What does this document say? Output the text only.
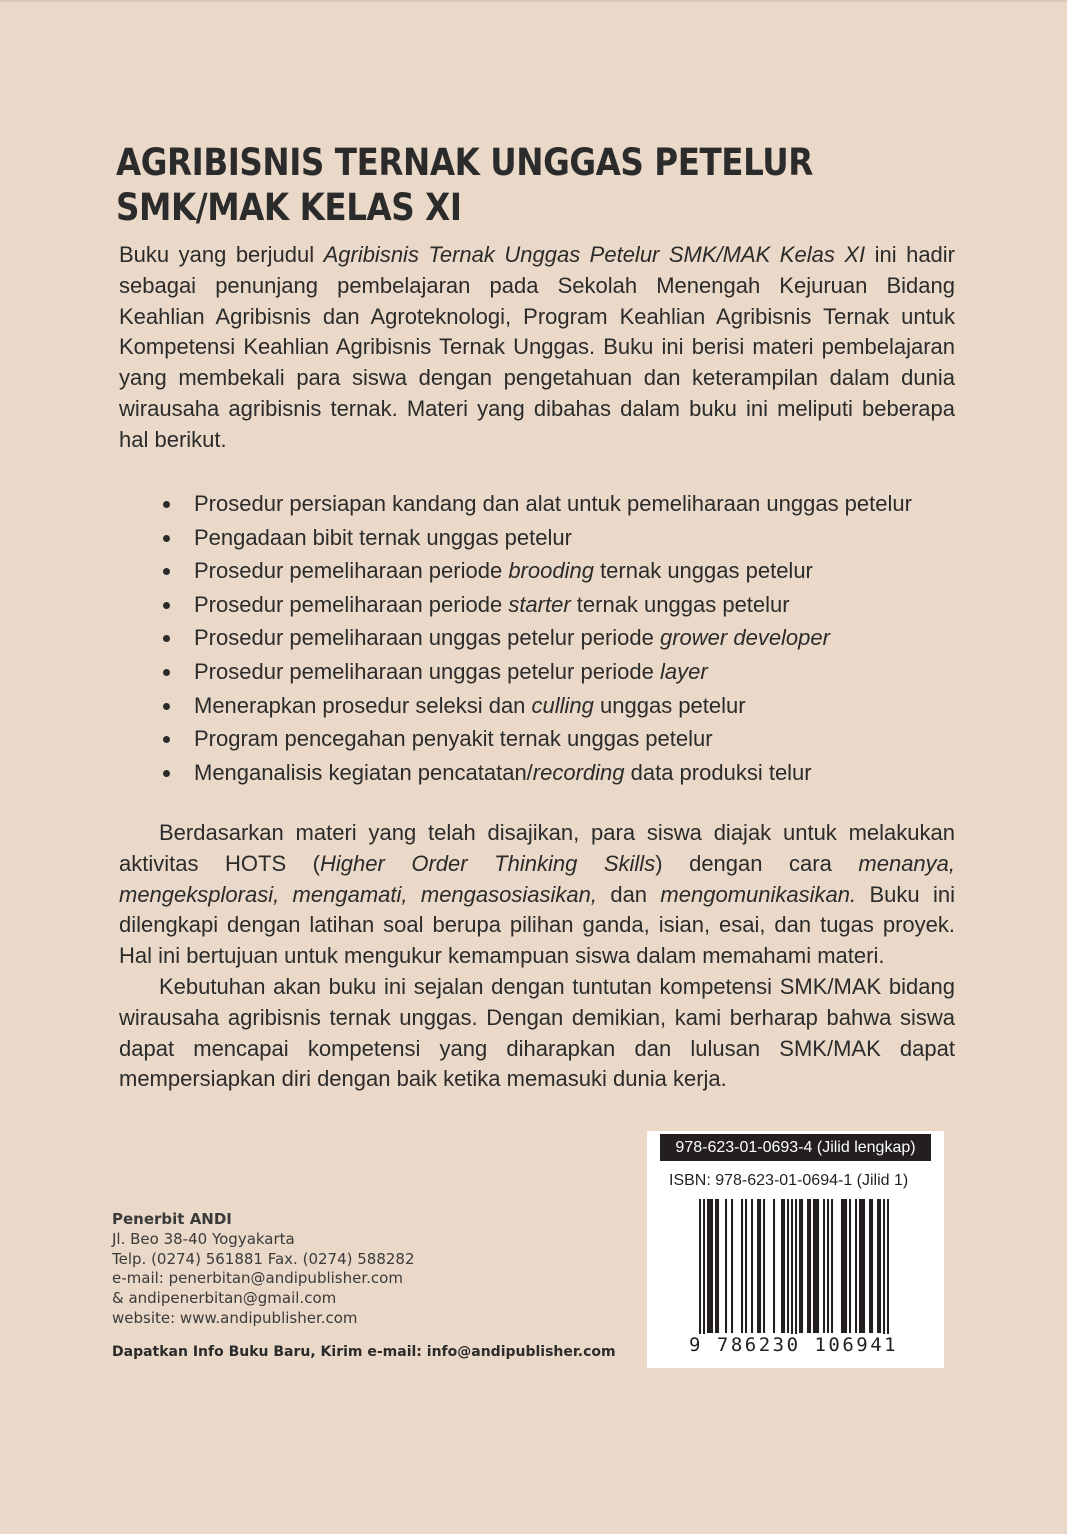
AGRIBISNIS TERNAK UNGGAS PETELUR
SMK/MAK KELAS XI

Buku yang berjudul Agribisnis Ternak Unggas Petelur SMK/MAK Kelas XI ini hadir sebagai penunjang pembelajaran pada Sekolah Menengah Kejuruan Bidang Keahlian Agribisnis dan Agroteknologi, Program Keahlian Agribisnis Ternak untuk Kompetensi Keahlian Agribisnis Ternak Unggas. Buku ini berisi materi pembelajaran yang membekali para siswa dengan pengetahuan dan keterampilan dalam dunia wirausaha agribisnis ternak. Materi yang dibahas dalam buku ini meliputi beberapa hal berikut.

Prosedur persiapan kandang dan alat untuk pemeliharaan unggas petelur
Pengadaan bibit ternak unggas petelur
Prosedur pemeliharaan periode brooding ternak unggas petelur
Prosedur pemeliharaan periode starter ternak unggas petelur
Prosedur pemeliharaan unggas petelur periode grower developer
Prosedur pemeliharaan unggas petelur periode layer
Menerapkan prosedur seleksi dan culling unggas petelur
Program pencegahan penyakit ternak unggas petelur
Menganalisis kegiatan pencatatan/recording data produksi telur

Berdasarkan materi yang telah disajikan, para siswa diajak untuk melakukan aktivitas HOTS (Higher Order Thinking Skills) dengan cara menanya, mengeksplorasi, mengamati, mengasosiasikan, dan mengomunikasikan. Buku ini dilengkapi dengan latihan soal berupa pilihan ganda, isian, esai, dan tugas proyek. Hal ini bertujuan untuk mengukur kemampuan siswa dalam memahami materi.

Kebutuhan akan buku ini sejalan dengan tuntutan kompetensi SMK/MAK bidang wirausaha agribisnis ternak unggas. Dengan demikian, kami berharap bahwa siswa dapat mencapai kompetensi yang diharapkan dan lulusan SMK/MAK dapat mempersiapkan diri dengan baik ketika memasuki dunia kerja.

Penerbit ANDI
Jl. Beo 38-40 Yogyakarta
Telp. (0274) 561881 Fax. (0274) 588282
e-mail: penerbitan@andipublisher.com
& andipenerbitan@gmail.com
website: www.andipublisher.com
Dapatkan Info Buku Baru, Kirim e-mail: info@andipublisher.com
978-623-01-0693-4 (Jilid lengkap)
ISBN: 978-623-01-0694-1 (Jilid 1)
9 786230 106941
